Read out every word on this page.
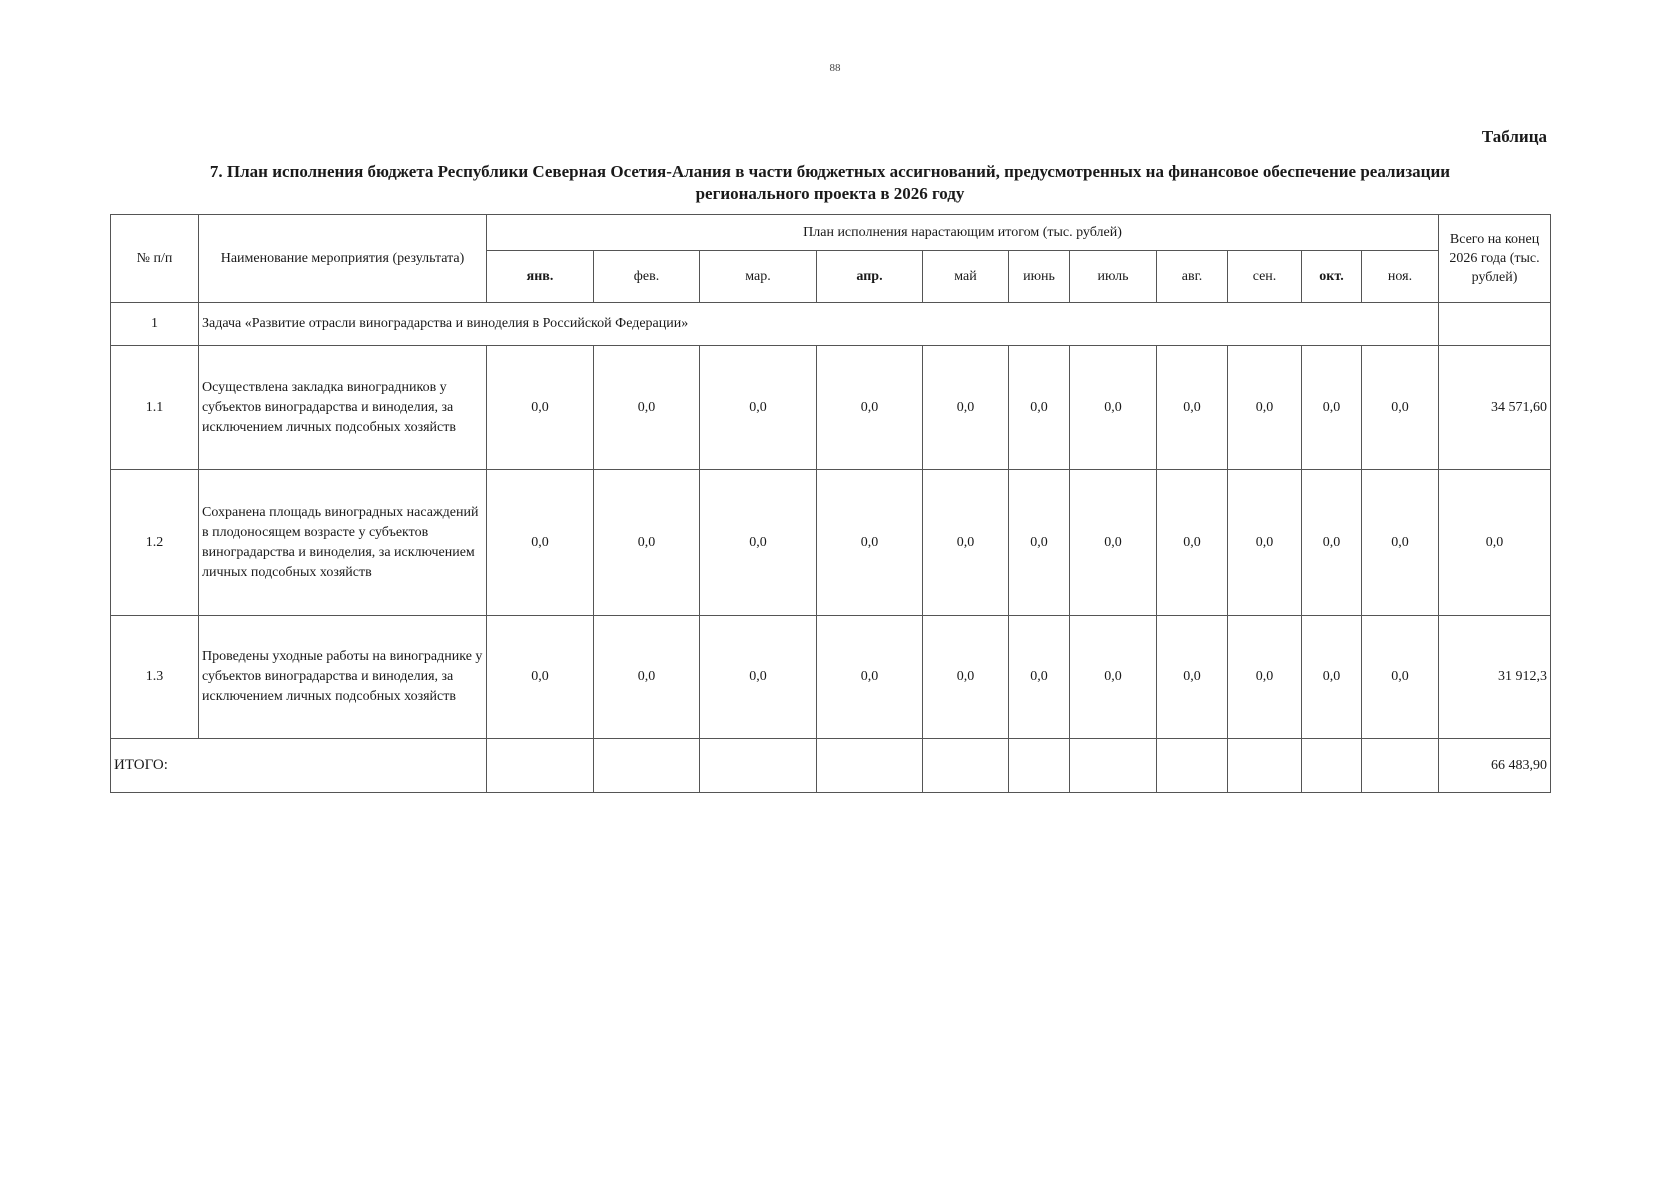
88
Таблица
7. План исполнения бюджета Республики Северная Осетия-Алания в части бюджетных ассигнований, предусмотренных на финансовое обеспечение реализации
регионального проекта в 2026 году
№ п/п	Наименование мероприятия (результата)	План исполнения нарастающим итогом (тыс. рублей)											Всего на конец 2026 года (тыс. рублей)
		янв.	фев.	мар.	апр.	май	июнь	июль	авг.	сен.	окт.	ноя.	
1	Задача «Развитие отрасли виноградарства и виноделия в Российской Федерации»												
1.1	Осуществлена закладка виноградников у субъектов виноградарства и виноделия, за исключением личных подсобных хозяйств	0,0	0,0	0,0	0,0	0,0	0,0	0,0	0,0	0,0	0,0	0,0	34 571,60
1.2	Сохранена площадь виноградных насаждений в плодоносящем возрасте у субъектов виноградарства и виноделия, за исключением личных подсобных хозяйств	0,0	0,0	0,0	0,0	0,0	0,0	0,0	0,0	0,0	0,0	0,0	0,0
1.3	Проведены уходные работы на винограднике у субъектов виноградарства и виноделия, за исключением личных подсобных хозяйств	0,0	0,0	0,0	0,0	0,0	0,0	0,0	0,0	0,0	0,0	0,0	31 912,3
ИТОГО:													66 483,90
